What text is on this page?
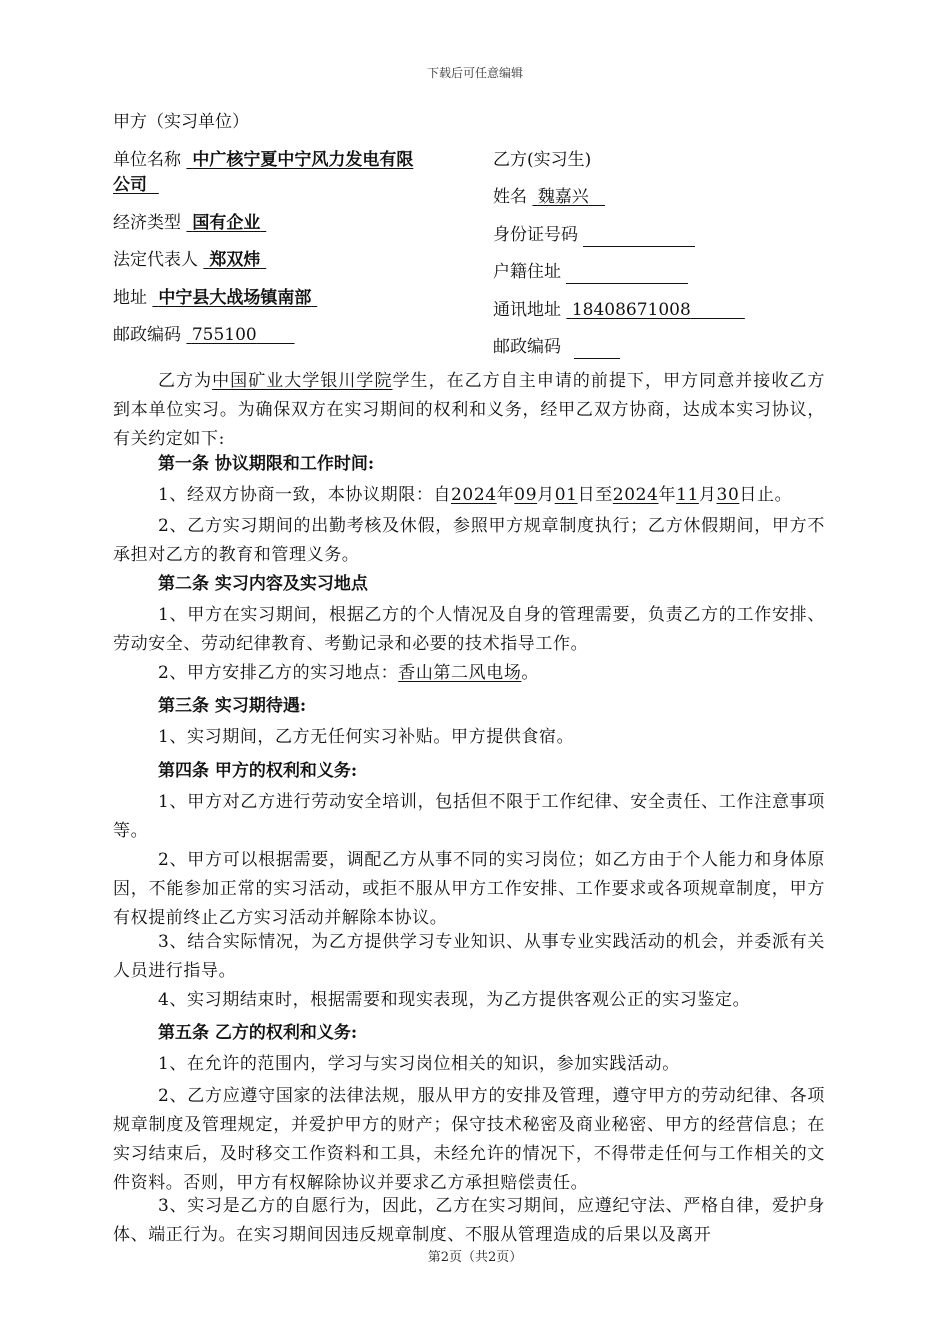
下载后可任意编辑
甲方（实习单位）
单位名称 中广核宁夏中宁风力发电有限
公司
经济类型 国有企业
法定代表人 郑双炜
地址 中宁县大战场镇南部
邮政编码 755100
乙方(实习生)
姓名 魏嘉兴
身份证号码
户籍住址
通讯地址 18408671008
邮政编码
乙方为中国矿业大学银川学院学生，在乙方自主申请的前提下，甲方同意并接收乙方到本单位实习。为确保双方在实习期间的权利和义务，经甲乙双方协商，达成本实习协议，有关约定如下:
第一条 协议期限和工作时间:
1、经双方协商一致，本协议期限：自2024年09月01日至2024年11月30日止。
2、乙方实习期间的出勤考核及休假，参照甲方规章制度执行；乙方休假期间，甲方不承担对乙方的教育和管理义务。
第二条 实习内容及实习地点
1、甲方在实习期间，根据乙方的个人情况及自身的管理需要，负责乙方的工作安排、劳动安全、劳动纪律教育、考勤记录和必要的技术指导工作。
2、甲方安排乙方的实习地点：香山第二风电场。
第三条 实习期待遇:
1、实习期间，乙方无任何实习补贴。甲方提供食宿。
第四条 甲方的权利和义务:
1、甲方对乙方进行劳动安全培训，包括但不限于工作纪律、安全责任、工作注意事项等。
2、甲方可以根据需要，调配乙方从事不同的实习岗位；如乙方由于个人能力和身体原因，不能参加正常的实习活动，或拒不服从甲方工作安排、工作要求或各项规章制度，甲方有权提前终止乙方实习活动并解除本协议。
3、结合实际情况，为乙方提供学习专业知识、从事专业实践活动的机会，并委派有关人员进行指导。
4、实习期结束时，根据需要和现实表现，为乙方提供客观公正的实习鉴定。
第五条 乙方的权利和义务:
1、在允许的范围内，学习与实习岗位相关的知识，参加实践活动。
2、乙方应遵守国家的法律法规，服从甲方的安排及管理，遵守甲方的劳动纪律、各项规章制度及管理规定，并爱护甲方的财产；保守技术秘密及商业秘密、甲方的经营信息；在实习结束后，及时移交工作资料和工具，未经允许的情况下，不得带走任何与工作相关的文件资料。否则，甲方有权解除协议并要求乙方承担赔偿责任。
3、实习是乙方的自愿行为，因此，乙方在实习期间，应遵纪守法、严格自律，爱护身体、端正行为。在实习期间因违反规章制度、不服从管理造成的后果以及离开
第2页（共2页）
